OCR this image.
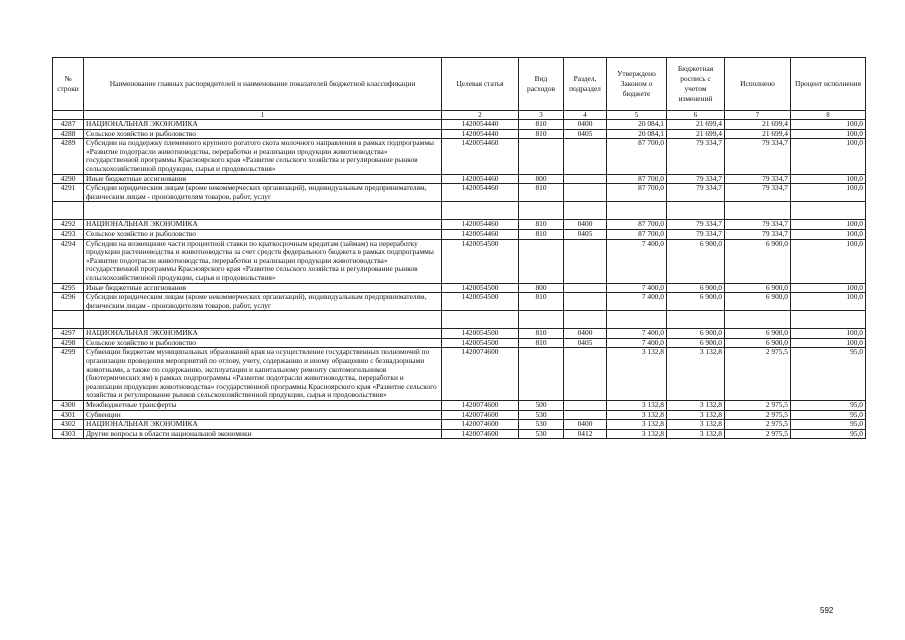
№ строки	Наименование главных распорядителей и наименование показателей бюджетной классификации	Целевая статья	Вид расходов	Раздел, подраздел	Утверждено Законом о бюджете	Бюджетная роспись с учетом изменений	Исполнено	Процент исполнения
	1	2	3	4	5	6	7	8
4287	НАЦИОНАЛЬНАЯ ЭКОНОМИКА	1420054440	810	0400	20 084,1	21 699,4	21 699,4	100,0
4288	Сельское хозяйство и рыболовство	1420054440	810	0405	20 084,1	21 699,4	21 699,4	100,0
4289	Субсидии на поддержку племенного крупного рогатого скота молочного направления в рамках подпрограммы «Развитие подотрасли животноводства, переработки и реализации продукции животноводства» государственной программы Красноярского края «Развитие сельского хозяйства и регулирование рынков сельскохозяйственной продукции, сырья и продовольствия»	1420054460			87 700,0	79 334,7	79 334,7	100,0
4290	Иные бюджетные ассигнования	1420054460	800		87 700,0	79 334,7	79 334,7	100,0
4291	Субсидии юридическим лицам (кроме некоммерческих организаций), индивидуальным предпринимателям, физическим лицам - производителям товаров, работ, услуг	1420054460	810		87 700,0	79 334,7	79 334,7	100,0

4292	НАЦИОНАЛЬНАЯ ЭКОНОМИКА	1420054460	810	0400	87 700,0	79 334,7	79 334,7	100,0
4293	Сельское хозяйство и рыболовство	1420054460	810	0405	87 700,0	79 334,7	79 334,7	100,0
4294	Субсидии на возмещение части процентной ставки по краткосрочным кредитам (займам) на переработку продукции растениеводства и животноводства за счет средств федерального бюджета в рамках подпрограммы «Развитие подотрасли животноводства, переработки и реализации продукции животноводства» государственной программы Красноярского края «Развитие сельского хозяйства и регулирование рынков сельскохозяйственной продукции, сырья и продовольствия»	1420054500			7 400,0	6 900,0	6 900,0	100,0
4295	Иные бюджетные ассигнования	1420054500	800		7 400,0	6 900,0	6 900,0	100,0
4296	Субсидии юридическим лицам (кроме некоммерческих организаций), индивидуальным предпринимателям, физическим лицам - производителям товаров, работ, услуг	1420054500	810		7 400,0	6 900,0	6 900,0	100,0

4297	НАЦИОНАЛЬНАЯ ЭКОНОМИКА	1420054500	810	0400	7 400,0	6 900,0	6 900,0	100,0
4298	Сельское хозяйство и рыболовство	1420054500	810	0405	7 400,0	6 900,0	6 900,0	100,0
4299	Субвенции бюджетам муниципальных образований края на осуществление государственных полномочий по организации проведения мероприятий по отлову, учету, содержанию и иному обращению с безнадзорными животными, а также по содержанию, эксплуатации и капитальному ремонту скотомогильников (биотермических ям) в рамках подпрограммы «Развитие подотрасли животноводства, переработки и реализации продукции животноводства» государственной программы Красноярского края «Развитие сельского хозяйства и регулирование рынков сельскохозяйственной продукции, сырья и продовольствия»	1420074600			3 132,8	3 132,8	2 975,5	95,0
4300	Межбюджетные трансферты	1420074600	500		3 132,8	3 132,8	2 975,5	95,0
4301	Субвенции	1420074600	530		3 132,8	3 132,8	2 975,5	95,0
4302	НАЦИОНАЛЬНАЯ ЭКОНОМИКА	1420074600	530	0400	3 132,8	3 132,8	2 975,5	95,0
4303	Другие вопросы в области национальной экономики	1420074600	530	0412	3 132,8	3 132,8	2 975,5	95,0
592
